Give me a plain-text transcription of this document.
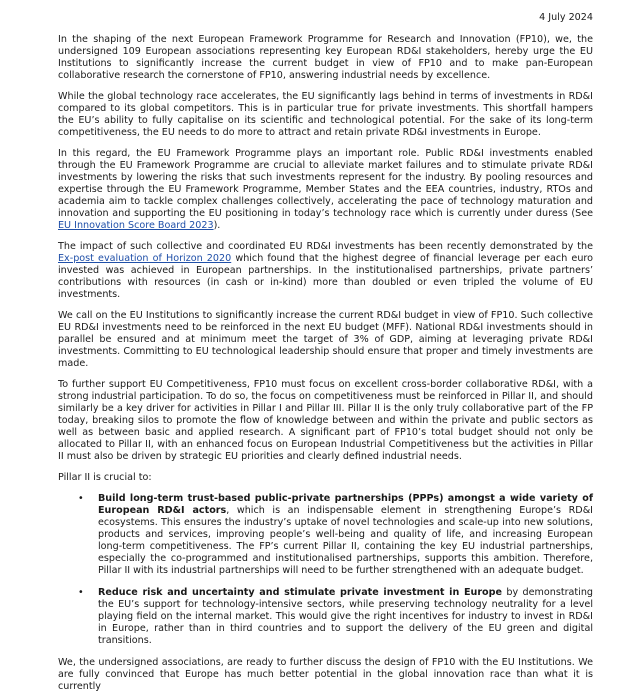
4 July 2024

In the shaping of the next European Framework Programme for Research and Innovation (FP10), we, the undersigned 109 European associations representing key European RD&I stakeholders, hereby urge the EU Institutions to significantly increase the current budget in view of FP10 and to make pan-European collaborative research the cornerstone of FP10, answering industrial needs by excellence.

While the global technology race accelerates, the EU significantly lags behind in terms of investments in RD&I compared to its global competitors. This is in particular true for private investments. This shortfall hampers the EU’s ability to fully capitalise on its scientific and technological potential. For the sake of its long-term competitiveness, the EU needs to do more to attract and retain private RD&I investments in Europe.

In this regard, the EU Framework Programme plays an important role. Public RD&I investments enabled through the EU Framework Programme are crucial to alleviate market failures and to stimulate private RD&I investments by lowering the risks that such investments represent for the industry. By pooling resources and expertise through the EU Framework Programme, Member States and the EEA countries, industry, RTOs and academia aim to tackle complex challenges collectively, accelerating the pace of technology maturation and innovation and supporting the EU positioning in today’s technology race which is currently under duress (See EU Innovation Score Board 2023).

The impact of such collective and coordinated EU RD&I investments has been recently demonstrated by the Ex-post evaluation of Horizon 2020 which found that the highest degree of financial leverage per each euro invested was achieved in European partnerships. In the institutionalised partnerships, private partners’ contributions with resources (in cash or in-kind) more than doubled or even tripled the volume of EU investments.

We call on the EU Institutions to significantly increase the current RD&I budget in view of FP10. Such collective EU RD&I investments need to be reinforced in the next EU budget (MFF). National RD&I investments should in parallel be ensured and at minimum meet the target of 3% of GDP, aiming at leveraging private RD&I investments. Committing to EU technological leadership should ensure that proper and timely investments are made.

To further support EU Competitiveness, FP10 must focus on excellent cross-border collaborative RD&I, with a strong industrial participation. To do so, the focus on competitiveness must be reinforced in Pillar II, and should similarly be a key driver for activities in Pillar I and Pillar III. Pillar II is the only truly collaborative part of the FP today, breaking silos to promote the flow of knowledge between and within the private and public sectors as well as between basic and applied research. A significant part of FP10’s total budget should not only be allocated to Pillar II, with an enhanced focus on European Industrial Competitiveness but the activities in Pillar II must also be driven by strategic EU priorities and clearly defined industrial needs.

Pillar II is crucial to:

• Build long-term trust-based public-private partnerships (PPPs) amongst a wide variety of European RD&I actors, which is an indispensable element in strengthening Europe’s RD&I ecosystems. This ensures the industry’s uptake of novel technologies and scale-up into new solutions, products and services, improving people’s well-being and quality of life, and increasing European long-term competitiveness. The FP’s current Pillar II, containing the key EU industrial partnerships, especially the co-programmed and institutionalised partnerships, supports this ambition. Therefore, Pillar II with its industrial partnerships will need to be further strengthened with an adequate budget.
• Reduce risk and uncertainty and stimulate private investment in Europe by demonstrating the EU’s support for technology-intensive sectors, while preserving technology neutrality for a level playing field on the internal market. This would give the right incentives for industry to invest in RD&I in Europe, rather than in third countries and to support the delivery of the EU green and digital transitions.

We, the undersigned associations, are ready to further discuss the design of FP10 with the EU Institutions. We are fully convinced that Europe has much better potential in the global innovation race than what it is currently
